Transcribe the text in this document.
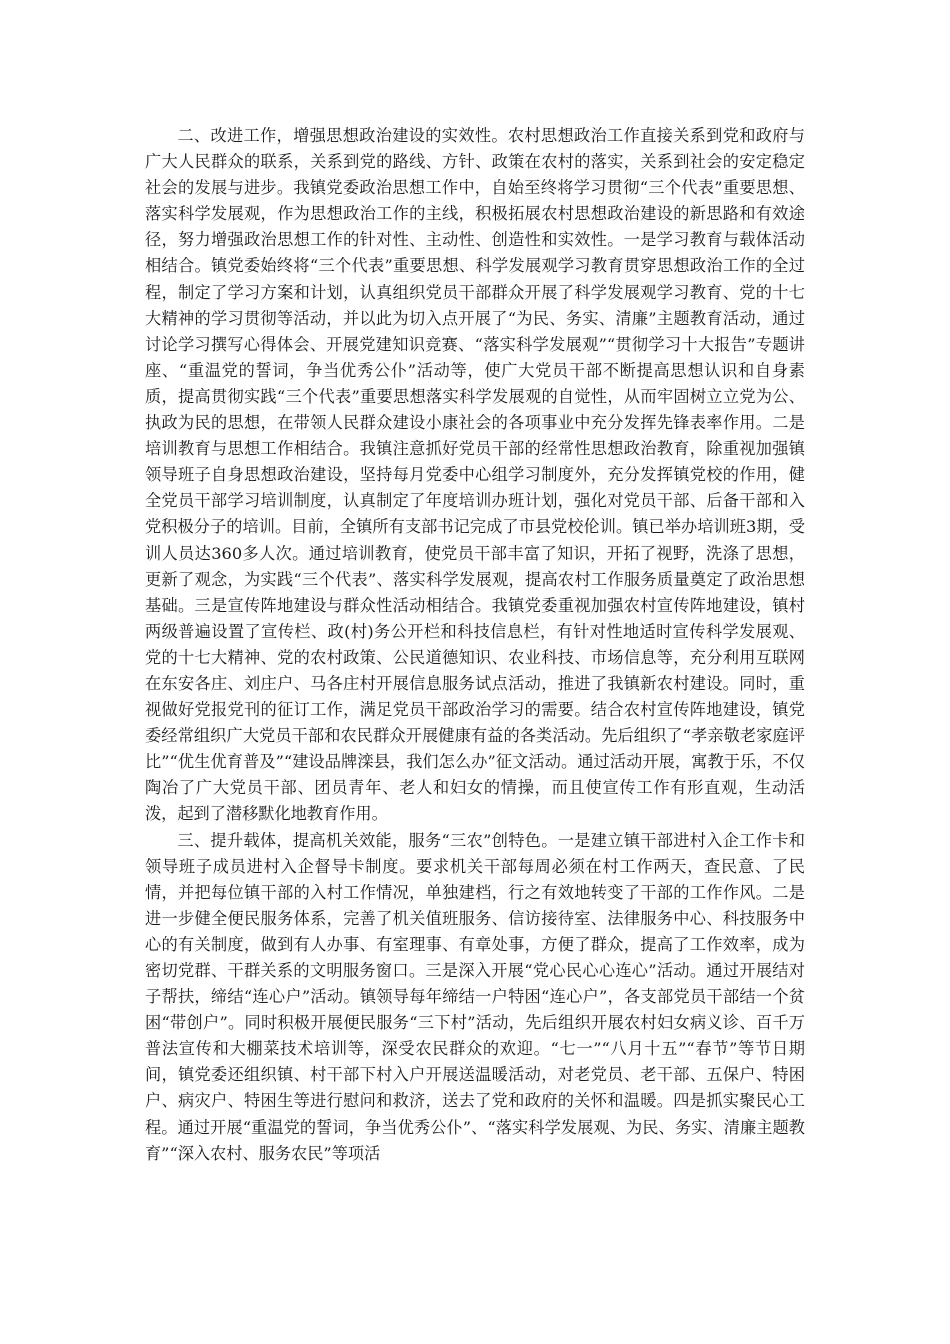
二、改进工作，增强思想政治建设的实效性。农村思想政治工作直接关系到党和政府与广大人民群众的联系，关系到党的路线、方针、政策在农村的落实，关系到社会的安定稳定社会的发展与进步。我镇党委政治思想工作中，自始至终将学习贯彻“三个代表”重要思想、落实科学发展观，作为思想政治工作的主线，积极拓展农村思想政治建设的新思路和有效途径，努力增强政治思想工作的针对性、主动性、创造性和实效性。一是学习教育与载体活动相结合。镇党委始终将“三个代表”重要思想、科学发展观学习教育贯穿思想政治工作的全过程，制定了学习方案和计划，认真组织党员干部群众开展了科学发展观学习教育、党的十七大精神的学习贯彻等活动，并以此为切入点开展了“为民、务实、清廉”主题教育活动，通过讨论学习撰写心得体会、开展党建知识竞赛、“落实科学发展观”“贯彻学习十大报告”专题讲座、“重温党的誓词，争当优秀公仆”活动等，使广大党员干部不断提高思想认识和自身素质，提高贯彻实践“三个代表”重要思想落实科学发展观的自觉性，从而牢固树立立党为公、执政为民的思想，在带领人民群众建设小康社会的各项事业中充分发挥先锋表率作用。二是培训教育与思想工作相结合。我镇注意抓好党员干部的经常性思想政治教育，除重视加强镇领导班子自身思想政治建设，坚持每月党委中心组学习制度外，充分发挥镇党校的作用，健全党员干部学习培训制度，认真制定了年度培训办班计划，强化对党员干部、后备干部和入党积极分子的培训。目前，全镇所有支部书记完成了市县党校伦训。镇已举办培训班3期，受训人员达360多人次。通过培训教育，使党员干部丰富了知识，开拓了视野，洗涤了思想，更新了观念，为实践“三个代表”、落实科学发展观，提高农村工作服务质量奠定了政治思想基础。三是宣传阵地建设与群众性活动相结合。我镇党委重视加强农村宣传阵地建设，镇村两级普遍设置了宣传栏、政(村)务公开栏和科技信息栏，有针对性地适时宣传科学发展观、党的十七大精神、党的农村政策、公民道德知识、农业科技、市场信息等，充分利用互联网在东安各庄、刘庄户、马各庄村开展信息服务试点活动，推进了我镇新农村建设。同时，重视做好党报党刊的征订工作，满足党员干部政治学习的需要。结合农村宣传阵地建设，镇党委经常组织广大党员干部和农民群众开展健康有益的各类活动。先后组织了“孝亲敬老家庭评比”“优生优育普及”“建设品牌滦县，我们怎么办”征文活动。通过活动开展，寓教于乐，不仅陶冶了广大党员干部、团员青年、老人和妇女的情操，而且使宣传工作有形直观，生动活泼，起到了潜移默化地教育作用。

三、提升载体，提高机关效能，服务“三农”创特色。一是建立镇干部进村入企工作卡和领导班子成员进村入企督导卡制度。要求机关干部每周必须在村工作两天，查民意、了民情，并把每位镇干部的入村工作情况，单独建档，行之有效地转变了干部的工作作风。二是进一步健全便民服务体系，完善了机关值班服务、信访接待室、法律服务中心、科技服务中心的有关制度，做到有人办事、有室理事、有章处事，方便了群众，提高了工作效率，成为密切党群、干群关系的文明服务窗口。三是深入开展“党心民心心连心”活动。通过开展结对子帮扶，缔结“连心户”活动。镇领导每年缔结一户特困“连心户”，各支部党员干部结一个贫困“带创户”。同时积极开展便民服务“三下村”活动，先后组织开展农村妇女病义诊、百千万普法宣传和大棚菜技术培训等，深受农民群众的欢迎。“七一”“八月十五”“春节”等节日期间，镇党委还组织镇、村干部下村入户开展送温暖活动，对老党员、老干部、五保户、特困户、病灾户、特困生等进行慰问和救济，送去了党和政府的关怀和温暖。四是抓实聚民心工程。通过开展“重温党的誓词，争当优秀公仆”、“落实科学发展观、为民、务实、清廉主题教育”“深入农村、服务农民”等项活
